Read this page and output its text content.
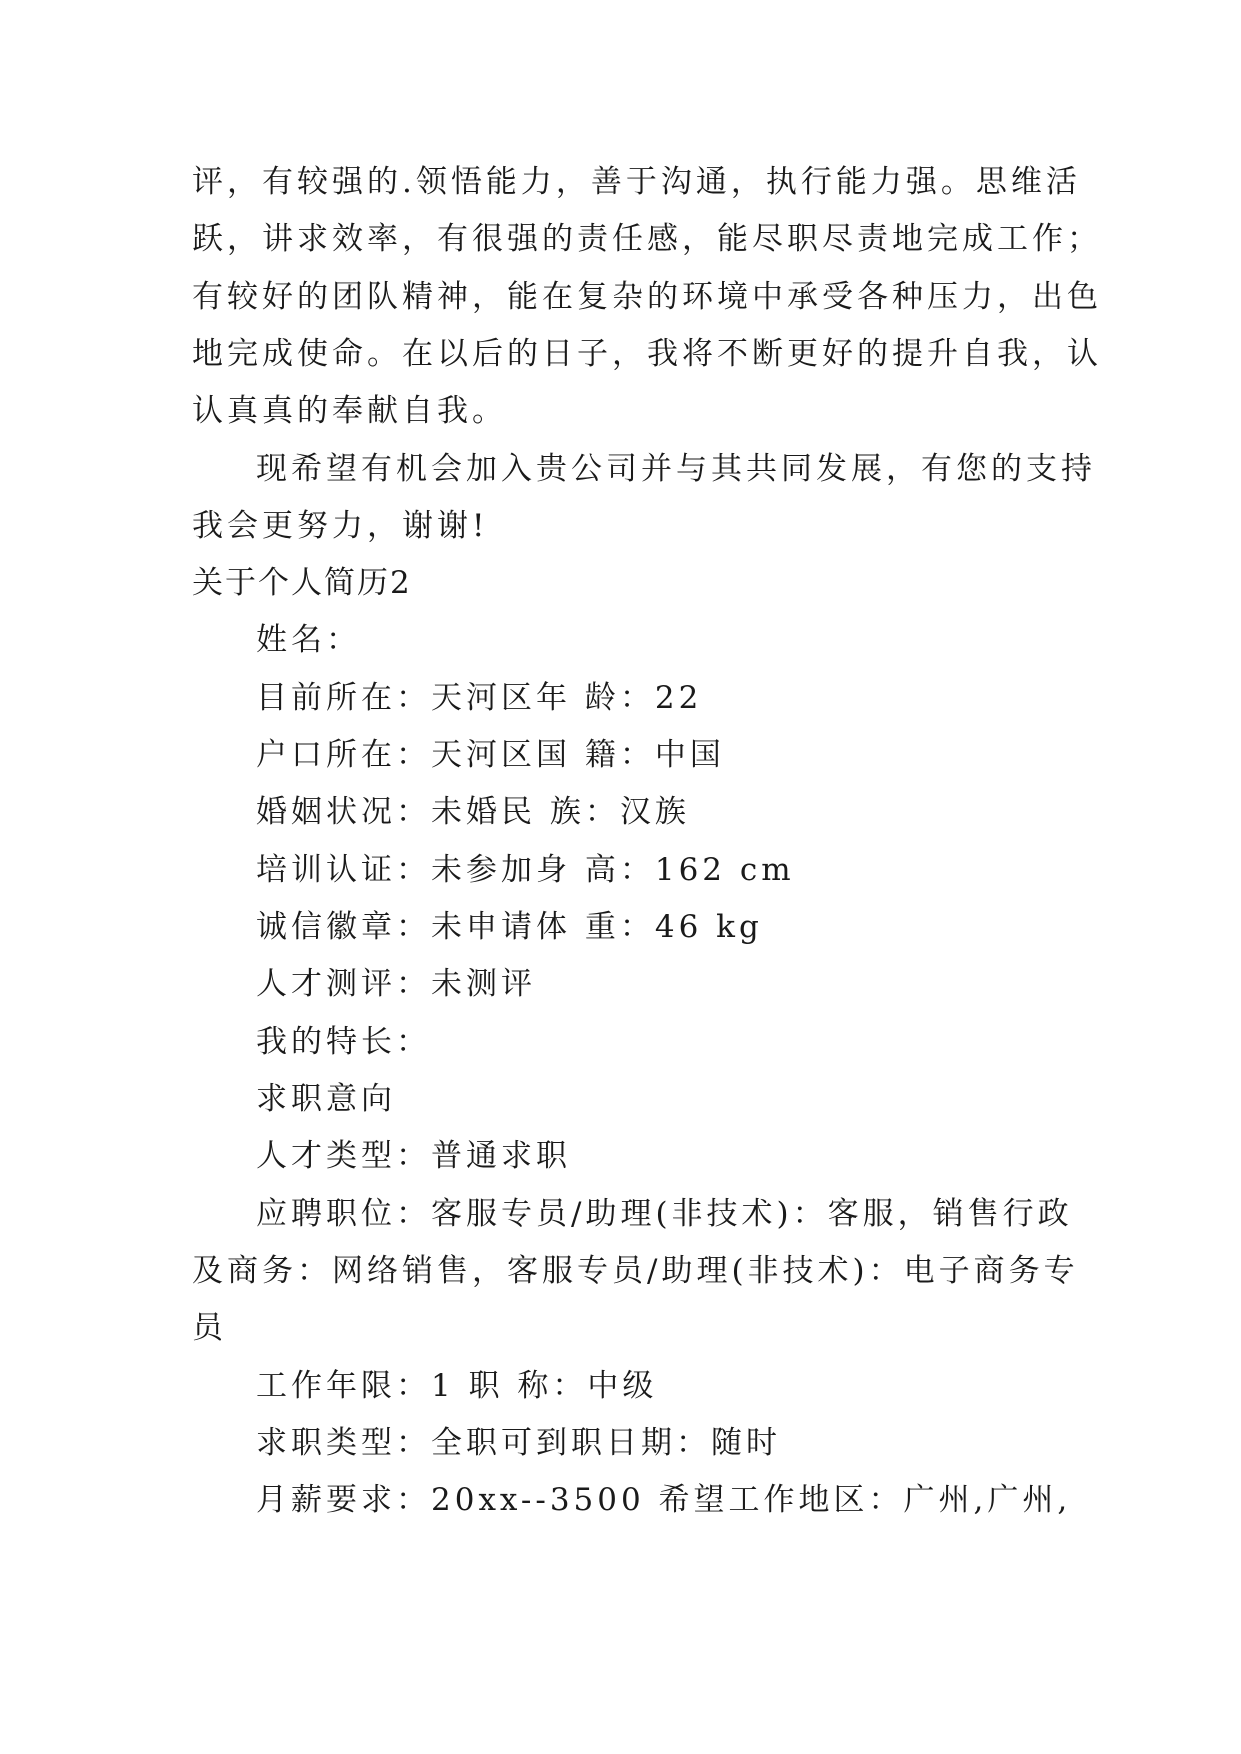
评，有较强的.领悟能力，善于沟通，执行能力强。思维活
跃，讲求效率，有很强的责任感，能尽职尽责地完成工作；
有较好的团队精神，能在复杂的环境中承受各种压力，出色
地完成使命。在以后的日子，我将不断更好的提升自我，认
认真真的奉献自我。
现希望有机会加入贵公司并与其共同发展，有您的支持
我会更努力，谢谢!
关于个人简历2
姓名：
目前所在：天河区年 龄：22
户口所在：天河区国 籍：中国
婚姻状况：未婚民 族：汉族
培训认证：未参加身 高：162 cm
诚信徽章：未申请体 重：46 kg
人才测评：未测评
我的特长：
求职意向
人才类型：普通求职
应聘职位：客服专员/助理(非技术)：客服，销售行政
及商务：网络销售，客服专员/助理(非技术)：电子商务专
员
工作年限：1 职 称：中级
求职类型：全职可到职日期：随时
月薪要求：20xx--3500 希望工作地区：广州,广州,
